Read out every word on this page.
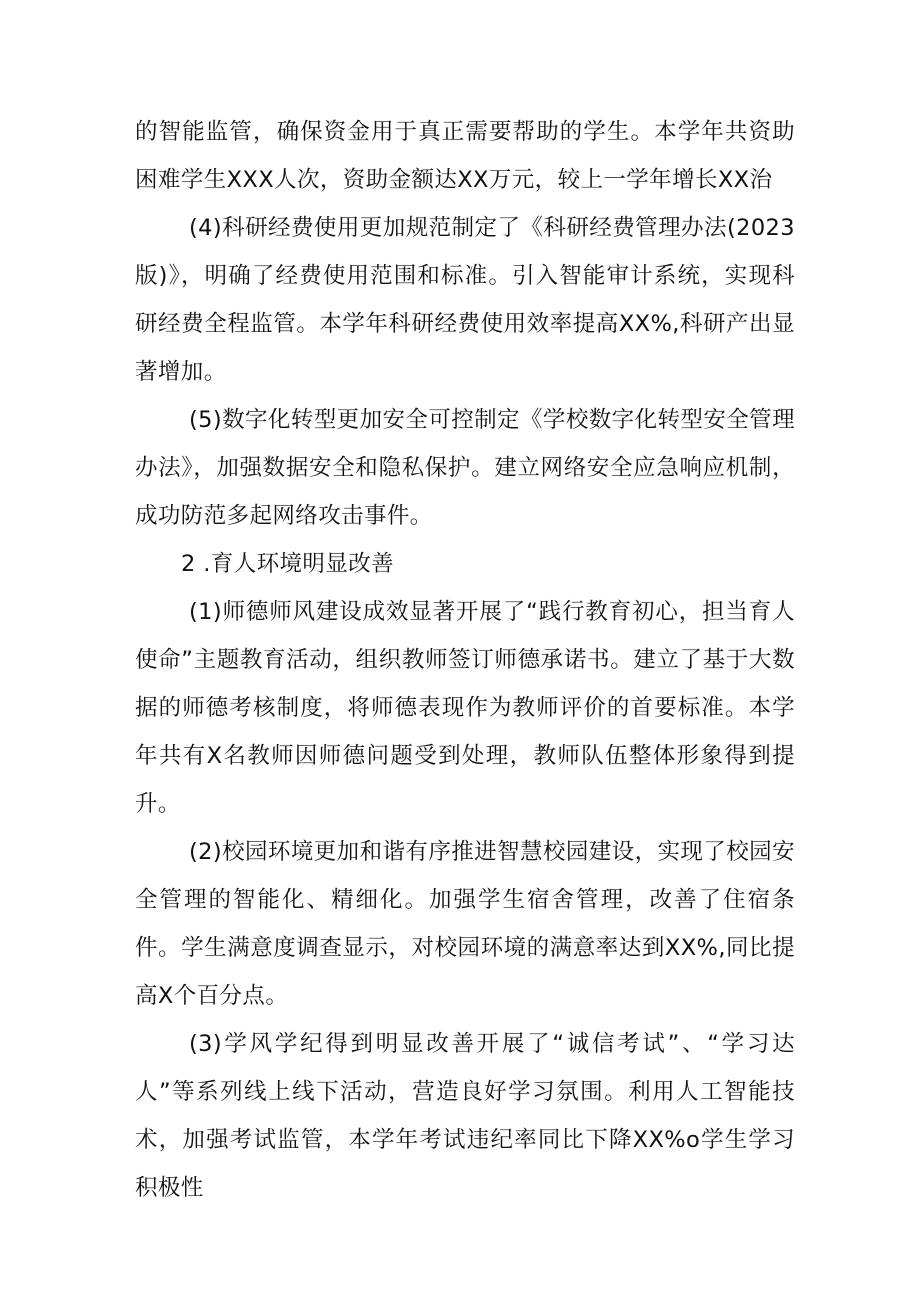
的智能监管，确保资金用于真正需要帮助的学生。本学年共资助困难学生XXX人次，资助金额达XX万元，较上一学年增长XX治

(4)科研经费使用更加规范制定了《科研经费管理办法(2023版)》，明确了经费使用范围和标准。引入智能审计系统，实现科研经费全程监管。本学年科研经费使用效率提高XX%,科研产出显著增加。

(5)数字化转型更加安全可控制定《学校数字化转型安全管理办法》，加强数据安全和隐私保护。建立网络安全应急响应机制，成功防范多起网络攻击事件。

2 .育人环境明显改善

(1)师德师风建设成效显著开展了“践行教育初心，担当育人使命”主题教育活动，组织教师签订师德承诺书。建立了基于大数据的师德考核制度，将师德表现作为教师评价的首要标准。本学年共有X名教师因师德问题受到处理，教师队伍整体形象得到提升。

(2)校园环境更加和谐有序推进智慧校园建设，实现了校园安全管理的智能化、精细化。加强学生宿舍管理，改善了住宿条件。学生满意度调查显示，对校园环境的满意率达到XX%,同比提高X个百分点。

(3)学风学纪得到明显改善开展了“诚信考试”、“学习达人”等系列线上线下活动，营造良好学习氛围。利用人工智能技术，加强考试监管，本学年考试违纪率同比下降XX%o学生学习积极性
